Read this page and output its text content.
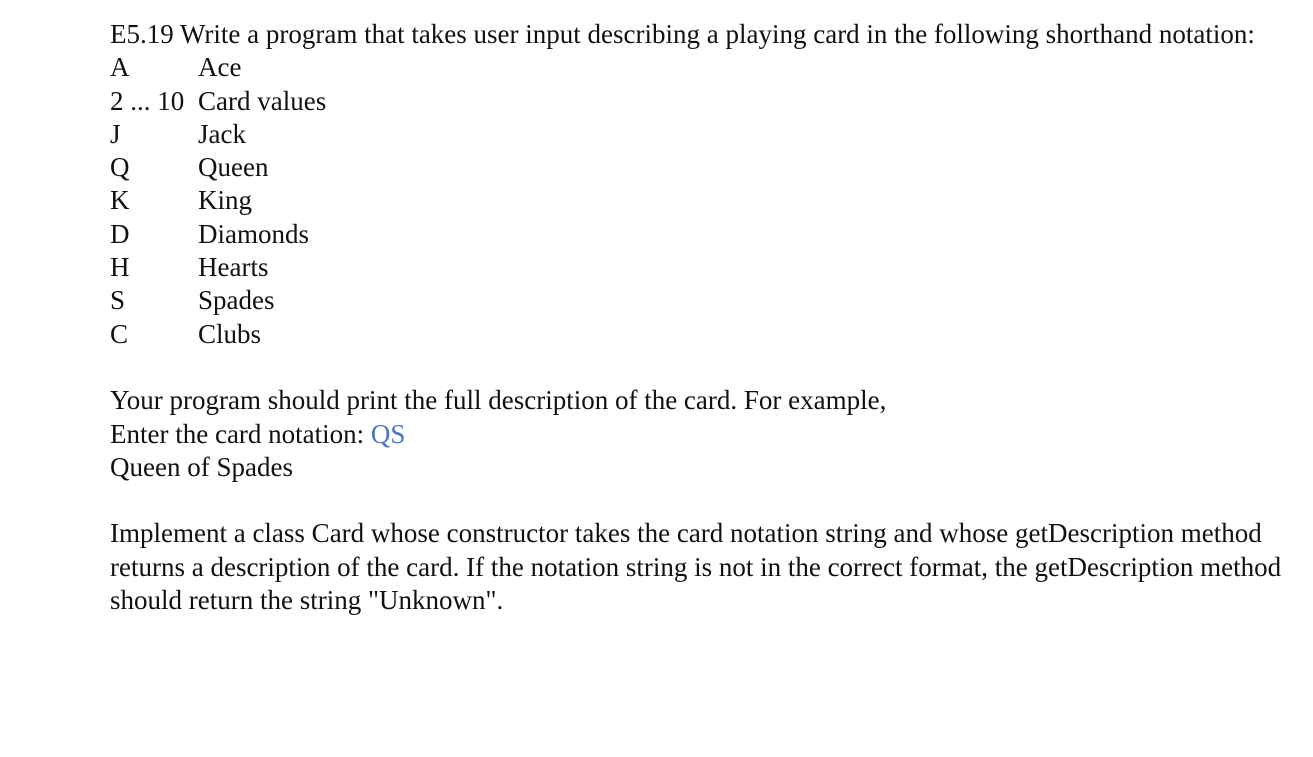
E5.19 Write a program that takes user input describing a playing card in the following shorthand notation:

A	Ace
2 ... 10	Card values
J	Jack
Q	Queen
K	King
D	Diamonds
H	Hearts
S	Spades
C	Clubs
Your program should print the full description of the card. For example,
Enter the card notation: QS
Queen of Spades

Implement a class Card whose constructor takes the card notation string and whose getDescription method returns a description of the card. If the notation string is not in the correct format, the getDescription method should return the string "Unknown".
